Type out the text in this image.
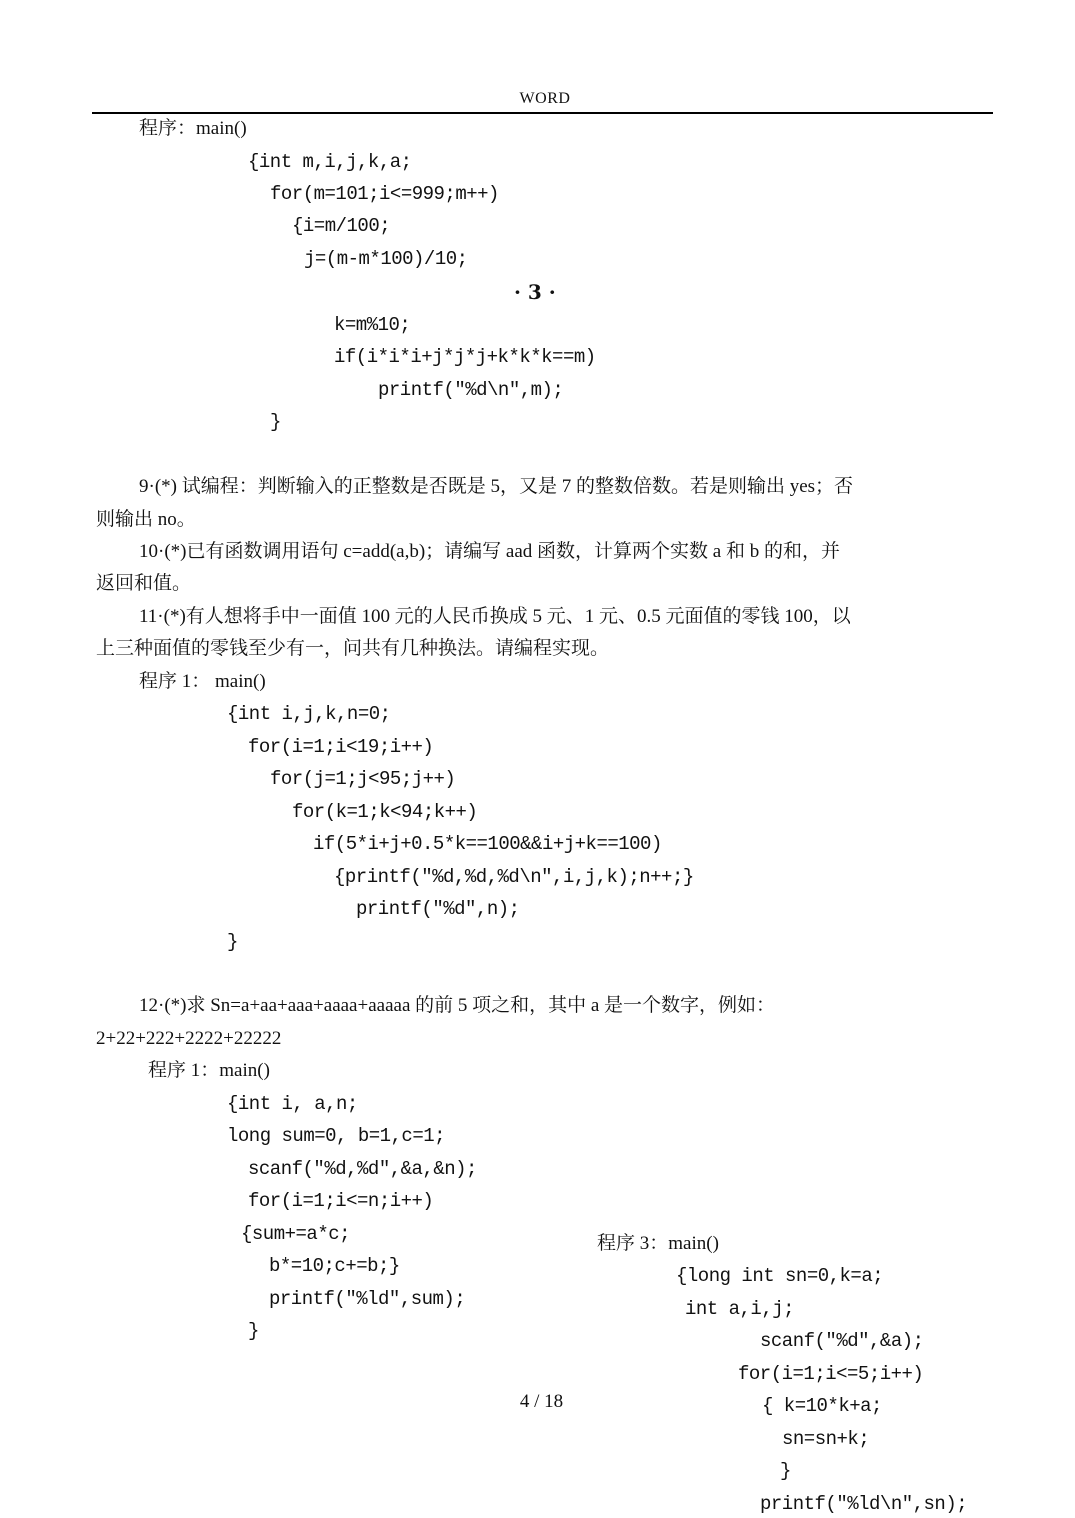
WORD
程序：main()
{int m,i,j,k,a;
for(m=101;i<=999;m++)
{i=m/100;
j=(m-m*100)/10;
· 3 ·
k=m%10;
if(i*i*i+j*j*j+k*k*k==m)
printf("%d\n",m);
}
9·(*) 试编程：判断输入的正整数是否既是 5，又是 7 的整数倍数。若是则输出 yes；否
则输出 no。
10·(*)已有函数调用语句 c=add(a,b)；请编写 aad 函数，计算两个实数 a 和 b 的和，并
返回和值。
11·(*)有人想将手中一面值 100 元的人民币换成 5 元、1 元、0.5 元面值的零钱 100，以
上三种面值的零钱至少有一，问共有几种换法。请编程实现。
程序 1： main()
{int i,j,k,n=0;
for(i=1;i<19;i++)
for(j=1;j<95;j++)
for(k=1;k<94;k++)
if(5*i+j+0.5*k==100&&i+j+k==100)
{printf("%d,%d,%d\n",i,j,k);n++;}
printf("%d",n);
}
12·(*)求 Sn=a+aa+aaa+aaaa+aaaaa 的前 5 项之和，其中 a 是一个数字，例如：
2+22+222+2222+22222
程序 1：main()
{int i, a,n;
long sum=0, b=1,c=1;
scanf("%d,%d",&a,&n);
for(i=1;i<=n;i++)
{sum+=a*c;
b*=10;c+=b;}
printf("%ld",sum);
}
程序 3：main()
{long int sn=0,k=a;
int a,i,j;
scanf("%d",&a);
for(i=1;i<=5;i++)
{ k=10*k+a;
sn=sn+k;
}
printf("%ld\n",sn);
4 / 18
